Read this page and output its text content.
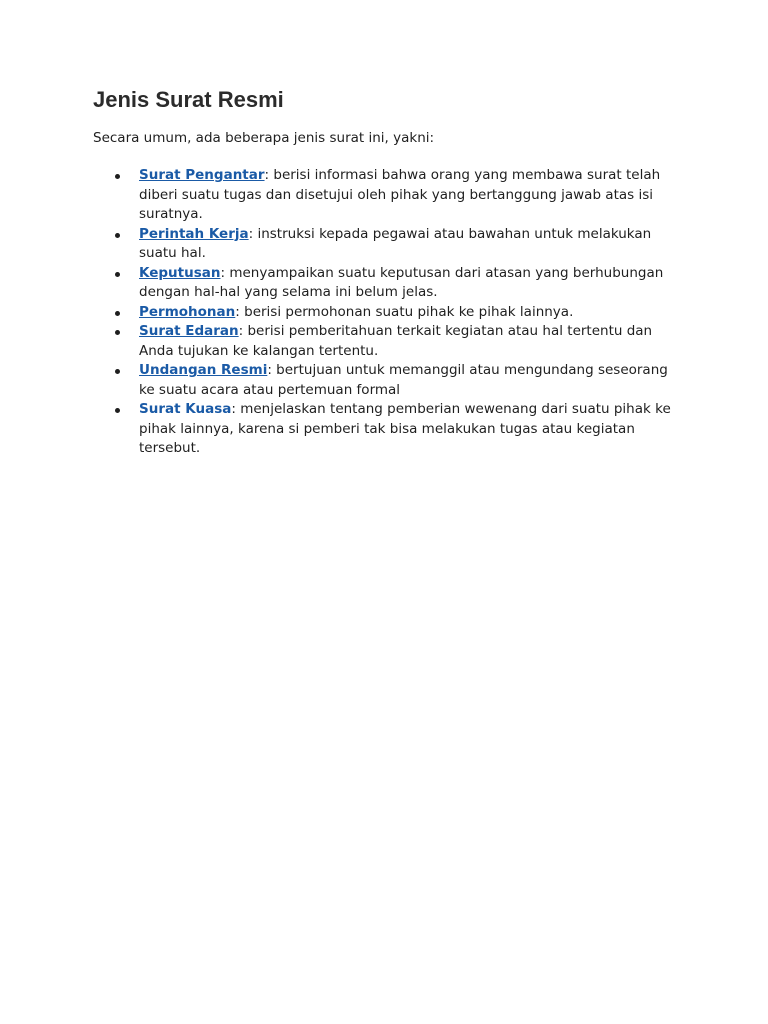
Jenis Surat Resmi

Secara umum, ada beberapa jenis surat ini, yakni:

Surat Pengantar: berisi informasi bahwa orang yang membawa surat telah diberi suatu tugas dan disetujui oleh pihak yang bertanggung jawab atas isi suratnya.
Perintah Kerja: instruksi kepada pegawai atau bawahan untuk melakukan suatu hal.
Keputusan: menyampaikan suatu keputusan dari atasan yang berhubungan dengan hal-hal yang selama ini belum jelas.
Permohonan: berisi permohonan suatu pihak ke pihak lainnya.
Surat Edaran: berisi pemberitahuan terkait kegiatan atau hal tertentu dan Anda tujukan ke kalangan tertentu.
Undangan Resmi: bertujuan untuk memanggil atau mengundang seseorang ke suatu acara atau pertemuan formal
Surat Kuasa: menjelaskan tentang pemberian wewenang dari suatu pihak ke pihak lainnya, karena si pemberi tak bisa melakukan tugas atau kegiatan tersebut.
